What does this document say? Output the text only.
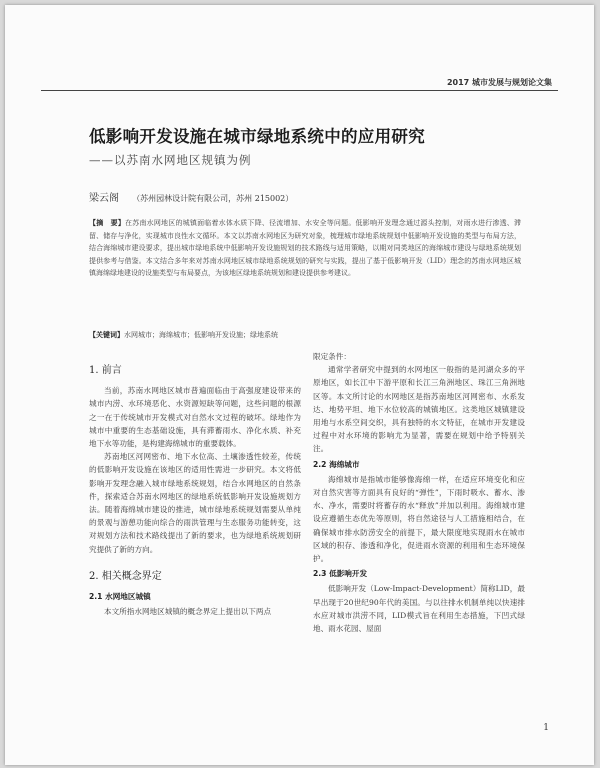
2017 城市发展与规划论文集
低影响开发设施在城市绿地系统中的应用研究
——以苏南水网地区规镇为例
梁云阁 （苏州园林设计院有限公司，苏州 215002）
【摘　要】在苏南水网地区的城镇面临着水体水质下降、径流增加、水安全等问题。低影响开发理念通过源头控制，对雨水进行渗透、滞留、储存与净化，实现城市良性水文循环。本文以苏南水网地区为研究对象，梳理城市绿地系统规划中低影响开发设施的类型与布局方法，结合海绵城市建设要求，提出城市绿地系统中低影响开发设施规划的技术路线与适用策略，以期对同类地区的海绵城市建设与绿地系统规划提供参考与借鉴。本文结合多年来对苏南水网地区城市绿地系统规划的研究与实践，提出了基于低影响开发（LID）理念的苏南水网地区城镇海绵绿地建设的设施类型与布局要点，为该地区绿地系统规划和建设提供参考建议。
【关键词】水网城市；海绵城市；低影响开发设施；绿地系统
1. 前言

当前，苏南水网地区城市普遍面临由于高强度建设带来的城市内涝、水环境恶化、水资源短缺等问题，这些问题的根源之一在于传统城市开发模式对自然水文过程的破坏。绿地作为城市中重要的生态基础设施，具有滞蓄雨水、净化水质、补充地下水等功能，是构建海绵城市的重要载体。

苏南地区河网密布、地下水位高、土壤渗透性较差，传统的低影响开发设施在该地区的适用性需进一步研究。本文将低影响开发理念融入城市绿地系统规划，结合水网地区的自然条件，探索适合苏南水网地区的绿地系统低影响开发设施规划方法。随着海绵城市建设的推进，城市绿地系统规划需要从单纯的景观与游憩功能向综合的雨洪管理与生态服务功能转变，这对规划方法和技术路线提出了新的要求，也为绿地系统规划研究提供了新的方向。

2. 相关概念界定
2.1 水网地区城镇

本文所指水网地区城镇的概念界定上提出以下两点

限定条件：

通常学者研究中提到的水网地区一般指的是河湖众多的平原地区，如长江中下游平原和长江三角洲地区、珠江三角洲地区等。本文所讨论的水网地区是指苏南地区河网密布、水系发达、地势平坦、地下水位较高的城镇地区。这类地区城镇建设用地与水系空间交织，具有独特的水文特征，在城市开发建设过程中对水环境的影响尤为显著，需要在规划中给予特别关注。

2.2 海绵城市

海绵城市是指城市能够像海绵一样，在适应环境变化和应对自然灾害等方面具有良好的“弹性”，下雨时吸水、蓄水、渗水、净水，需要时将蓄存的水“释放”并加以利用。海绵城市建设应遵循生态优先等原则，将自然途径与人工措施相结合，在确保城市排水防涝安全的前提下，最大限度地实现雨水在城市区域的积存、渗透和净化，促进雨水资源的利用和生态环境保护。

2.3 低影响开发

低影响开发（Low-Impact-Development）简称LID，最早出现于20世纪90年代的美国。与以往排水机制单纯以快速排水应对城市洪涝不同，LID模式旨在利用生态措施，下凹式绿地、雨水花园、屋面

1
